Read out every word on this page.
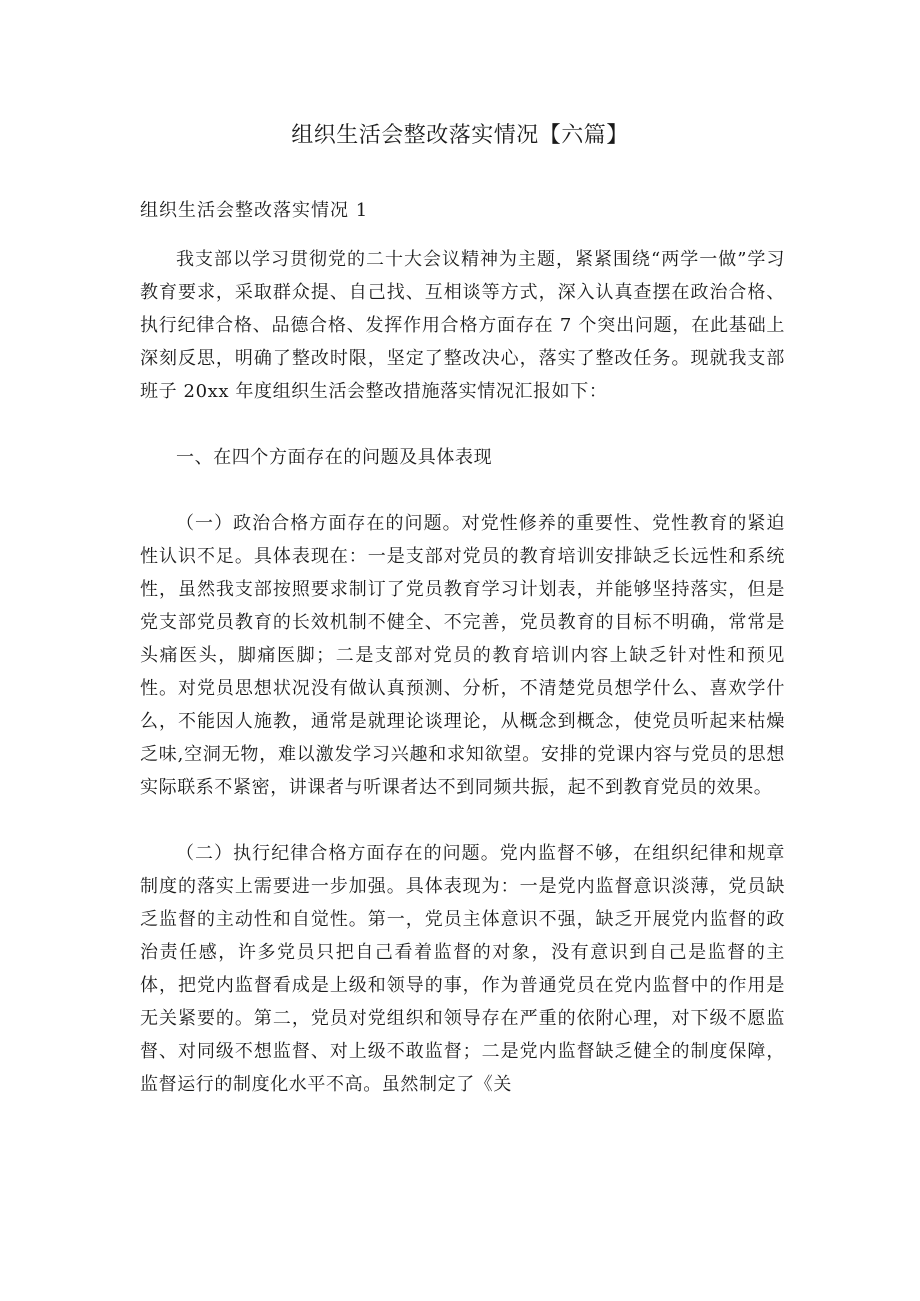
组织生活会整改落实情况【六篇】
组织生活会整改落实情况 1

我支部以学习贯彻党的二十大会议精神为主题，紧紧围绕“两学一做”学习教育要求，采取群众提、自己找、互相谈等方式，深入认真查摆在政治合格、执行纪律合格、品德合格、发挥作用合格方面存在 7 个突出问题，在此基础上深刻反思，明确了整改时限，坚定了整改决心，落实了整改任务。现就我支部班子 20xx 年度组织生活会整改措施落实情况汇报如下：

一、在四个方面存在的问题及具体表现

（一）政治合格方面存在的问题。对党性修养的重要性、党性教育的紧迫性认识不足。具体表现在：一是支部对党员的教育培训安排缺乏长远性和系统性，虽然我支部按照要求制订了党员教育学习计划表，并能够坚持落实，但是党支部党员教育的长效机制不健全、不完善，党员教育的目标不明确，常常是头痛医头，脚痛医脚；二是支部对党员的教育培训内容上缺乏针对性和预见性。对党员思想状况没有做认真预测、分析，不清楚党员想学什么、喜欢学什么，不能因人施教，通常是就理论谈理论，从概念到概念，使党员听起来枯燥乏味,空洞无物，难以激发学习兴趣和求知欲望。安排的党课内容与党员的思想实际联系不紧密，讲课者与听课者达不到同频共振，起不到教育党员的效果。

（二）执行纪律合格方面存在的问题。党内监督不够，在组织纪律和规章制度的落实上需要进一步加强。具体表现为：一是党内监督意识淡薄，党员缺乏监督的主动性和自觉性。第一，党员主体意识不强，缺乏开展党内监督的政治责任感，许多党员只把自己看着监督的对象，没有意识到自己是监督的主体，把党内监督看成是上级和领导的事，作为普通党员在党内监督中的作用是无关紧要的。第二，党员对党组织和领导存在严重的依附心理，对下级不愿监督、对同级不想监督、对上级不敢监督；二是党内监督缺乏健全的制度保障，监督运行的制度化水平不高。虽然制定了《关
